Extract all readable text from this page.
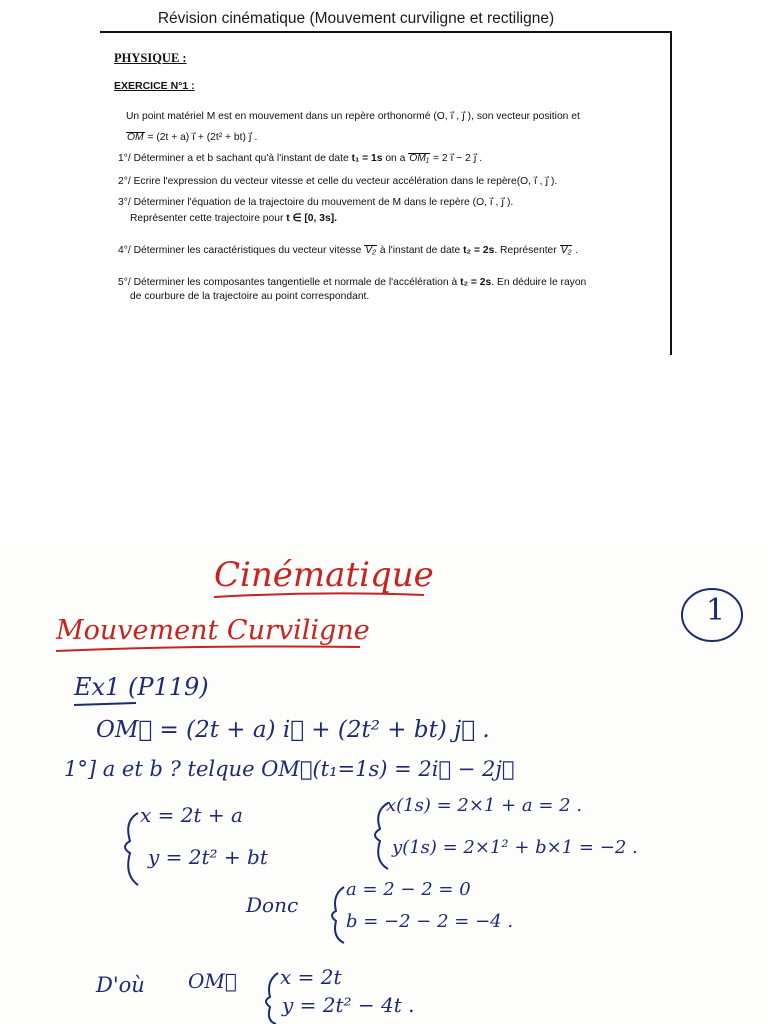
Révision cinématique (Mouvement curviligne et rectiligne)
PHYSIQUE :
EXERCICE N°1 :
Un point matériel M est en mouvement dans un repère orthonormé (O, i⃗ , j⃗ ), son vecteur position et
OM = (2t + a) i⃗ + (2t² + bt) j⃗ .
1°/ Déterminer a et b sachant qu'à l'instant de date t₁ = 1s on a OM₁ = 2 i⃗ − 2 j⃗ .
2°/ Ecrire l'expression du vecteur vitesse et celle du vecteur accélération dans le repère(O, i⃗ , j⃗ ).
3°/ Déterminer l'équation de la trajectoire du mouvement de M dans le repère (O, i⃗ , j⃗ ).
Représenter cette trajectoire pour t ∈ [0, 3s].
4°/ Déterminer les caractéristiques du vecteur vitesse V₂ à l'instant de date t₂ = 2s. Représenter V₂ .
5°/ Déterminer les composantes tangentielle et normale de l'accélération à t₂ = 2s. En déduire le rayon
de courbure de la trajectoire au point correspondant.
Cinématique
Mouvement Curviligne
1
Ex1 (P119)
OM⃗ = (2t + a) i⃗ + (2t² + bt) j⃗ .
1°] a et b ? telque OM⃗(t₁=1s) = 2i⃗ − 2j⃗
x = 2t + a
y = 2t² + bt
x(1s) = 2×1 + a = 2 .
y(1s) = 2×1² + b×1 = −2 .
Donc
a = 2 − 2 = 0
b = −2 − 2 = −4 .
D'où OM⃗ x = 2t
y = 2t² − 4t .
